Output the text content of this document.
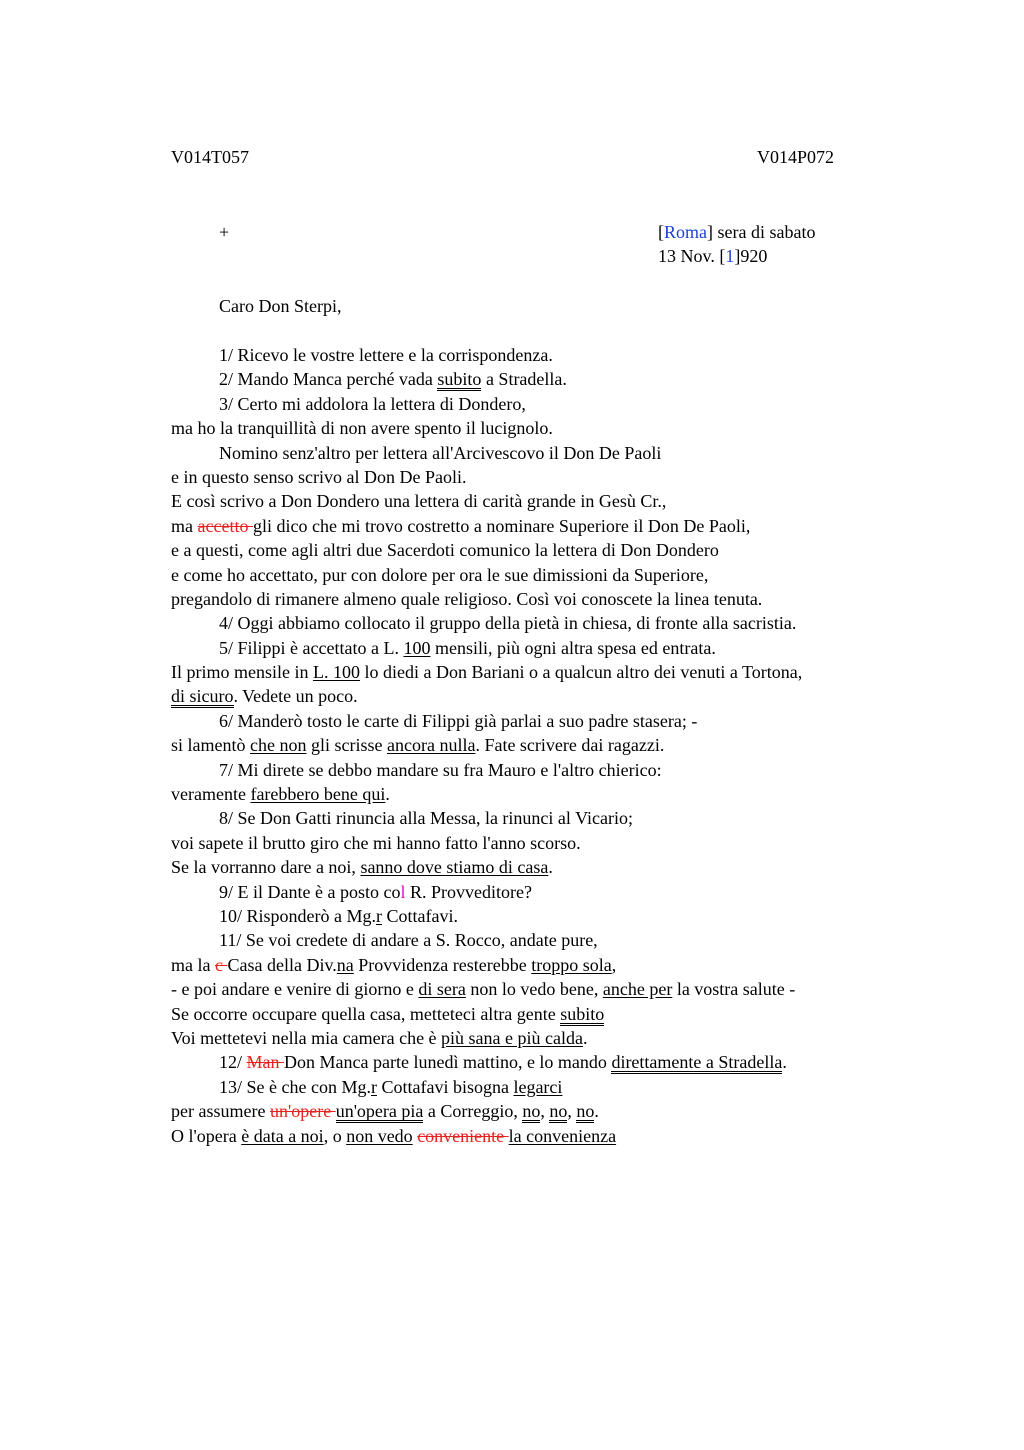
V014T057	V014P072
+	[Roma] sera di sabato
13 Nov. [1]920
Caro Don Sterpi,
1/ Ricevo le vostre lettere e la corrispondenza.
2/ Mando Manca perché vada subito a Stradella.
3/ Certo mi addolora la lettera di Dondero,
ma ho la tranquillità di non avere spento il lucignolo.
Nomino senz'altro per lettera all'Arcivescovo il Don De Paoli
e in questo senso scrivo al Don De Paoli.
E così scrivo a Don Dondero una lettera di carità grande in Gesù Cr.,
ma accetto gli dico che mi trovo costretto a nominare Superiore il Don De Paoli,
e a questi, come agli altri due Sacerdoti comunico la lettera di Don Dondero
e come ho accettato, pur con dolore per ora le sue dimissioni da Superiore,
pregandolo di rimanere almeno quale religioso. Così voi conoscete la linea tenuta.
4/ Oggi abbiamo collocato il gruppo della pietà in chiesa, di fronte alla sacristia.
5/ Filippi è accettato a L. 100 mensili, più ogni altra spesa ed entrata.
Il primo mensile in L. 100 lo diedi a Don Bariani o a qualcun altro dei venuti a Tortona,
di sicuro. Vedete un poco.
6/ Manderò tosto le carte di Filippi già parlai a suo padre stasera; -
si lamentò che non gli scrisse ancora nulla. Fate scrivere dai ragazzi.
7/ Mi direte se debbo mandare su fra Mauro e l'altro chierico:
veramente farebbero bene qui.
8/ Se Don Gatti rinuncia alla Messa, la rinunci al Vicario;
voi sapete il brutto giro che mi hanno fatto l'anno scorso.
Se la vorranno dare a noi, sanno dove stiamo di casa.
9/ E il Dante è a posto col R. Provveditore?
10/ Risponderò a Mg.r Cottafavi.
11/ Se voi credete di andare a S. Rocco, andate pure,
ma la c Casa della Div.na Provvidenza resterebbe troppo sola,
- e poi andare e venire di giorno e di sera non lo vedo bene, anche per la vostra salute -
Se occorre occupare quella casa, metteteci altra gente subito
Voi mettetevi nella mia camera che è più sana e più calda.
12/ Man Don Manca parte lunedì mattino, e lo mando direttamente a Stradella.
13/ Se è che con Mg.r Cottafavi bisogna legarci
per assumere un'opere un'opera pia a Correggio, no, no, no.
O l'opera è data a noi, o non vedo conveniente la convenienza
